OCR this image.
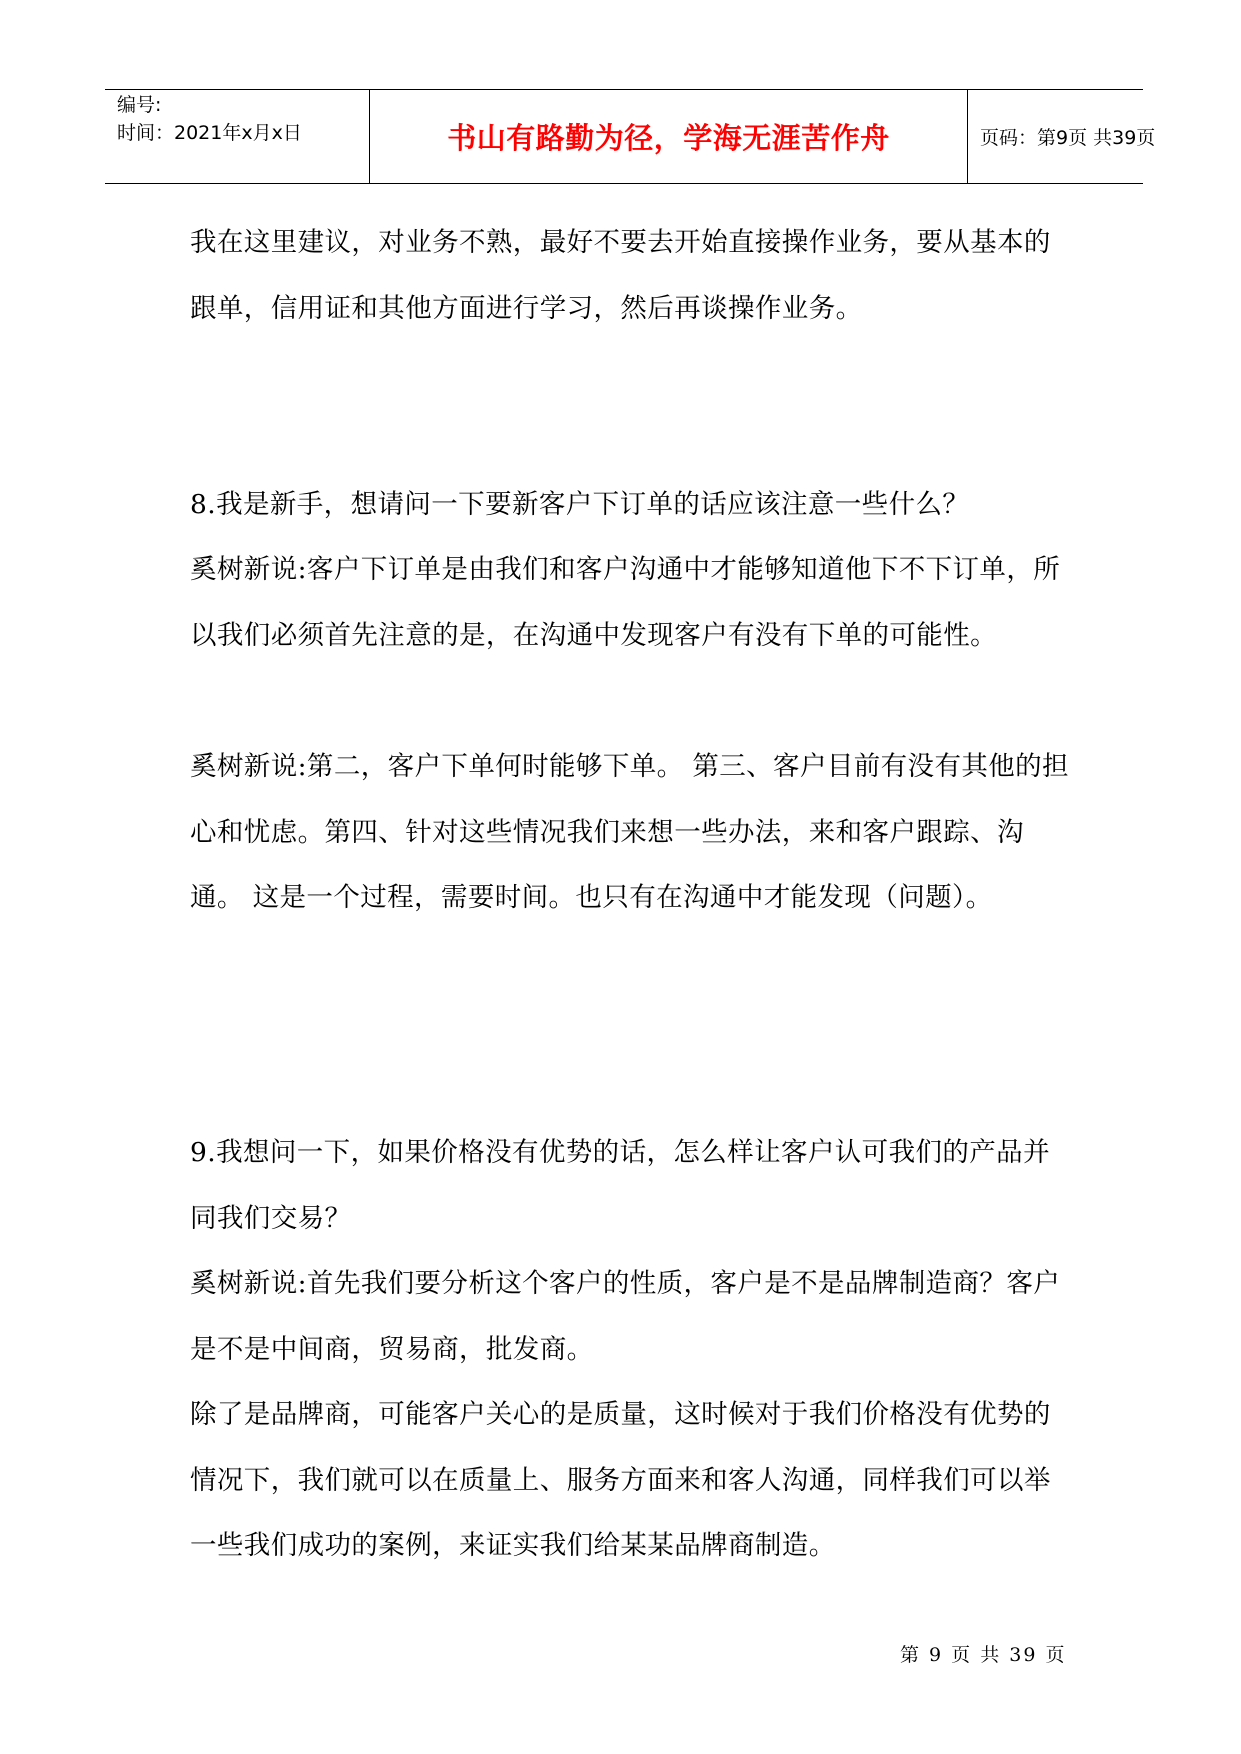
编号:
时间：2021年x月x日	书山有路勤为径，学海无涯苦作舟	页码：第9页 共39页

我在这里建议，对业务不熟，最好不要去开始直接操作业务，要从基本的跟单，信用证和其他方面进行学习，然后再谈操作业务。

8.我是新手，想请问一下要新客户下订单的话应该注意一些什么？

奚树新说:客户下订单是由我们和客户沟通中才能够知道他下不下订单，所以我们必须首先注意的是，在沟通中发现客户有没有下单的可能性。

奚树新说:第二，客户下单何时能够下单。 第三、客户目前有没有其他的担心和忧虑。第四、针对这些情况我们来想一些办法，来和客户跟踪、沟通。 这是一个过程，需要时间。也只有在沟通中才能发现（问题）。

9.我想问一下，如果价格没有优势的话，怎么样让客户认可我们的产品并同我们交易？

奚树新说:首先我们要分析这个客户的性质，客户是不是品牌制造商？客户是不是中间商，贸易商，批发商。

除了是品牌商，可能客户关心的是质量，这时候对于我们价格没有优势的情况下，我们就可以在质量上、服务方面来和客人沟通，同样我们可以举一些我们成功的案例，来证实我们给某某品牌商制造。

第 9 页 共 39 页
